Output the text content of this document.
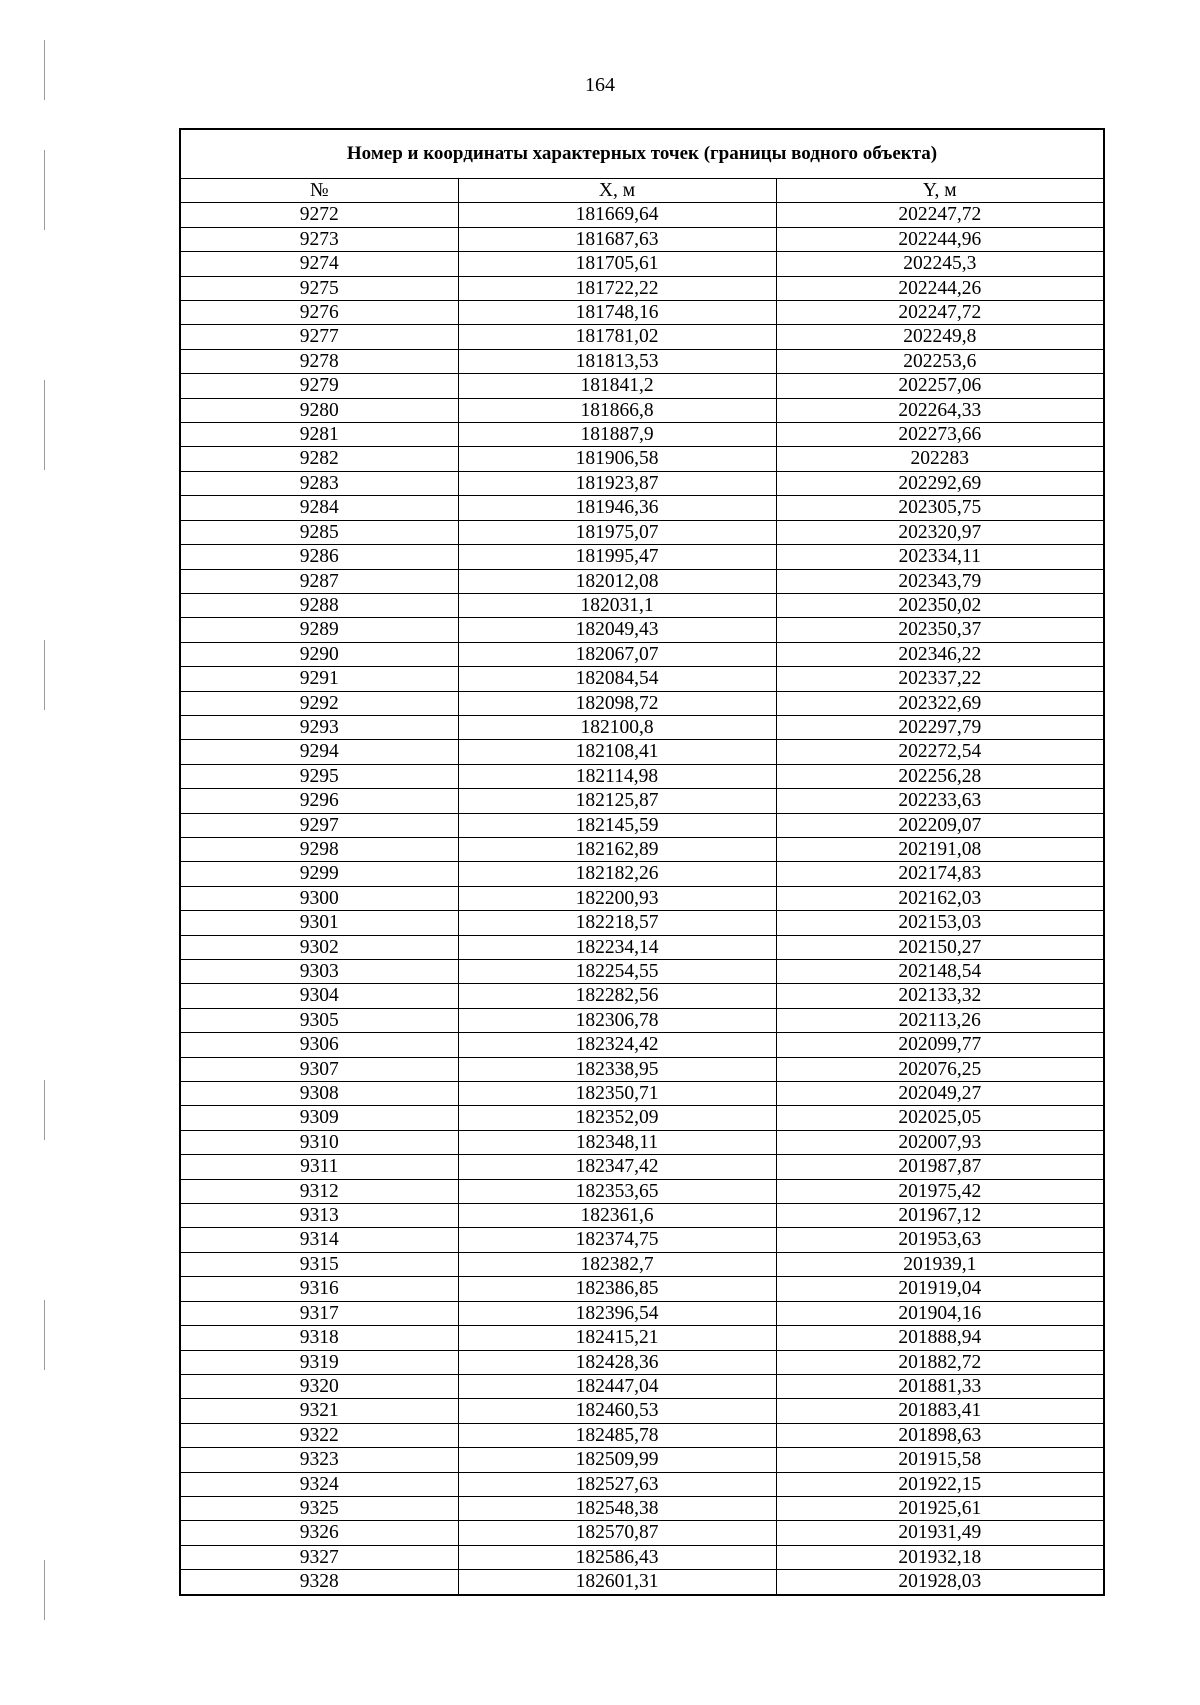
164
Номер и координаты характерных точек (границы водного объекта)		
№	X, м	Y, м
9272	181669,64	202247,72
9273	181687,63	202244,96
9274	181705,61	202245,3
9275	181722,22	202244,26
9276	181748,16	202247,72
9277	181781,02	202249,8
9278	181813,53	202253,6
9279	181841,2	202257,06
9280	181866,8	202264,33
9281	181887,9	202273,66
9282	181906,58	202283
9283	181923,87	202292,69
9284	181946,36	202305,75
9285	181975,07	202320,97
9286	181995,47	202334,11
9287	182012,08	202343,79
9288	182031,1	202350,02
9289	182049,43	202350,37
9290	182067,07	202346,22
9291	182084,54	202337,22
9292	182098,72	202322,69
9293	182100,8	202297,79
9294	182108,41	202272,54
9295	182114,98	202256,28
9296	182125,87	202233,63
9297	182145,59	202209,07
9298	182162,89	202191,08
9299	182182,26	202174,83
9300	182200,93	202162,03
9301	182218,57	202153,03
9302	182234,14	202150,27
9303	182254,55	202148,54
9304	182282,56	202133,32
9305	182306,78	202113,26
9306	182324,42	202099,77
9307	182338,95	202076,25
9308	182350,71	202049,27
9309	182352,09	202025,05
9310	182348,11	202007,93
9311	182347,42	201987,87
9312	182353,65	201975,42
9313	182361,6	201967,12
9314	182374,75	201953,63
9315	182382,7	201939,1
9316	182386,85	201919,04
9317	182396,54	201904,16
9318	182415,21	201888,94
9319	182428,36	201882,72
9320	182447,04	201881,33
9321	182460,53	201883,41
9322	182485,78	201898,63
9323	182509,99	201915,58
9324	182527,63	201922,15
9325	182548,38	201925,61
9326	182570,87	201931,49
9327	182586,43	201932,18
9328	182601,31	201928,03
